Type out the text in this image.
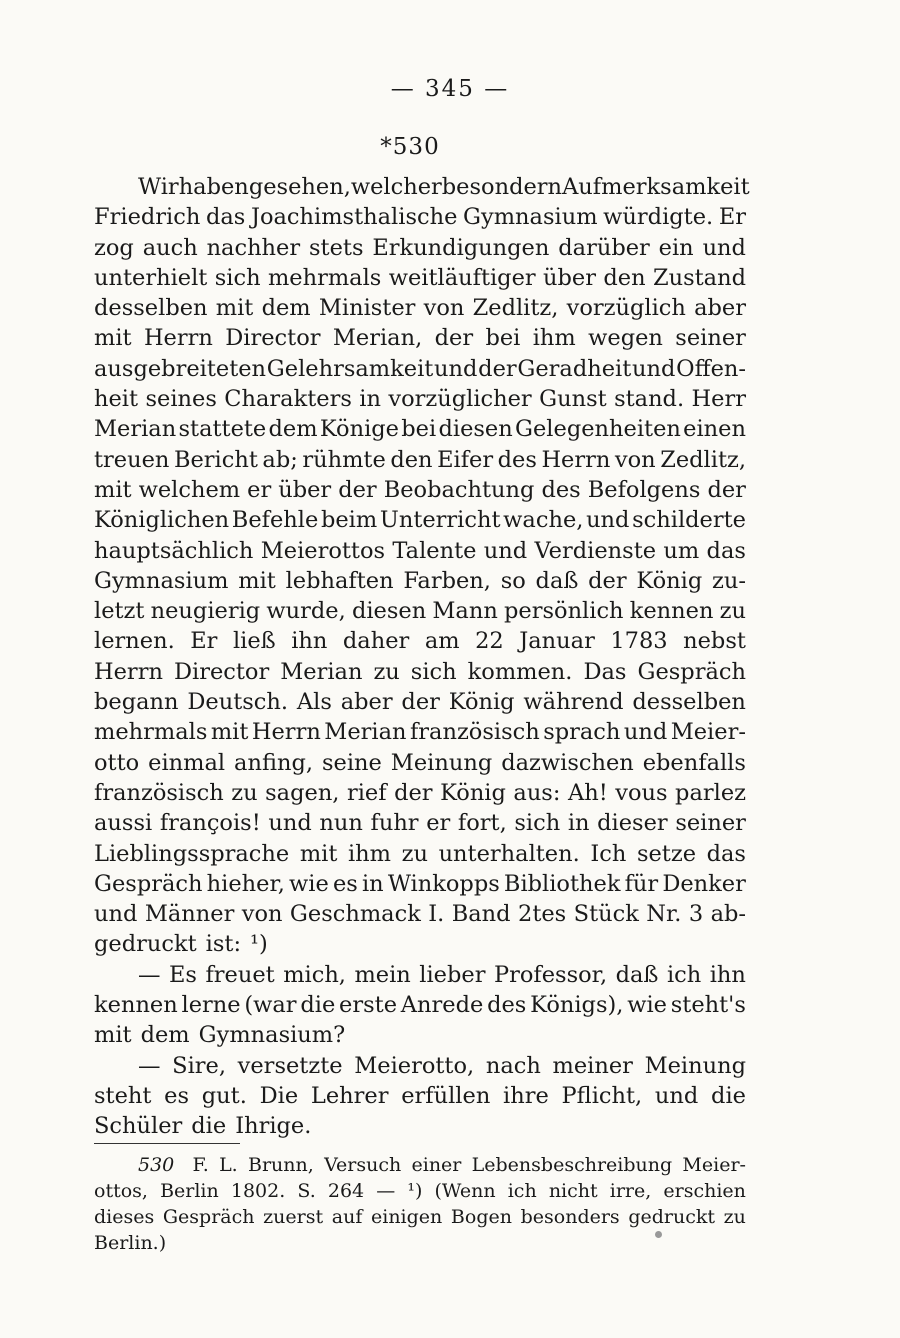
— 345 —
*530
Wir haben gesehen, welcher besondern Aufmerksamkeit
Friedrich das Joachimsthalische Gymnasium würdigte. Er
zog auch nachher stets Erkundigungen darüber ein und
unterhielt sich mehrmals weitläuftiger über den Zustand
desselben mit dem Minister von Zedlitz, vorzüglich aber
mit Herrn Director Merian, der bei ihm wegen seiner
ausgebreiteten Gelehrsamkeit und der Geradheit und Offen-
heit seines Charakters in vorzüglicher Gunst stand. Herr
Merian stattete dem Könige bei diesen Gelegenheiten einen
treuen Bericht ab; rühmte den Eifer des Herrn von Zedlitz,
mit welchem er über der Beobachtung des Befolgens der
Königlichen Befehle beim Unterricht wache, und schilderte
hauptsächlich Meierottos Talente und Verdienste um das
Gymnasium mit lebhaften Farben, so daß der König zu-
letzt neugierig wurde, diesen Mann persönlich kennen zu
lernen. Er ließ ihn daher am 22 Januar 1783 nebst
Herrn Director Merian zu sich kommen. Das Gespräch
begann Deutsch. Als aber der König während desselben
mehrmals mit Herrn Merian französisch sprach und Meier-
otto einmal anfing, seine Meinung dazwischen ebenfalls
französisch zu sagen, rief der König aus: Ah! vous parlez
aussi françois! und nun fuhr er fort, sich in dieser seiner
Lieblingssprache mit ihm zu unterhalten. Ich setze das
Gespräch hieher, wie es in Winkopps Bibliothek für Denker
und Männer von Geschmack I. Band 2tes Stück Nr. 3 ab-
gedruckt ist: ¹)
— Es freuet mich, mein lieber Professor, daß ich ihn
kennen lerne (war die erste Anrede des Königs), wie steht's
mit dem Gymnasium?
— Sire, versetzte Meierotto, nach meiner Meinung
steht es gut. Die Lehrer erfüllen ihre Pflicht, und die
Schüler die Ihrige.
530 F. L. Brunn, Versuch einer Lebensbeschreibung Meier-
ottos, Berlin 1802. S. 264 — ¹) (Wenn ich nicht irre, erschien
dieses Gespräch zuerst auf einigen Bogen besonders gedruckt zu
Berlin.)
